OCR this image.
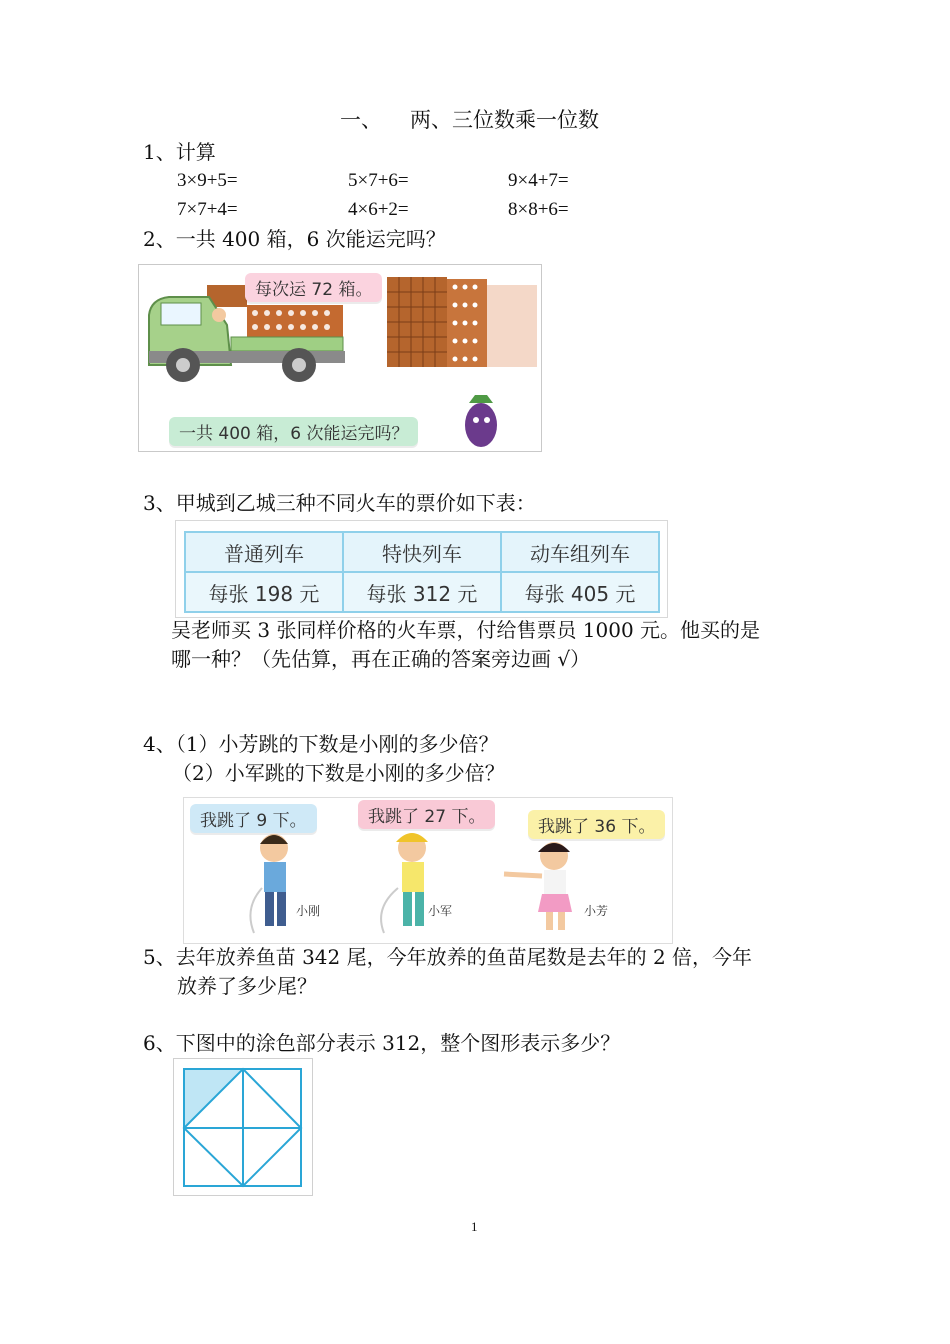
一、 两、三位数乘一位数
1、计算
3×9+5=	5×7+6=	9×4+7=
7×7+4=	4×6+2=	8×8+6=
2、一共 400 箱，6 次能运完吗？
每次运 72 箱。
一共 400 箱，6 次能运完吗？
3、甲城到乙城三种不同火车的票价如下表：
普通列车	特快列车	动车组列车
每张 198 元	每张 312 元	每张 405 元
吴老师买 3 张同样价格的火车票，付给售票员 1000 元。他买的是
哪一种？（先估算，再在正确的答案旁边画 √）
4、（1）小芳跳的下数是小刚的多少倍？
（2）小军跳的下数是小刚的多少倍？
我跳了 9 下。	我跳了 27 下。	我跳了 36 下。
小刚	小军	小芳
5、去年放养鱼苗 342 尾，今年放养的鱼苗尾数是去年的 2 倍，今年
放养了多少尾？
6、下图中的涂色部分表示 312，整个图形表示多少？
1
